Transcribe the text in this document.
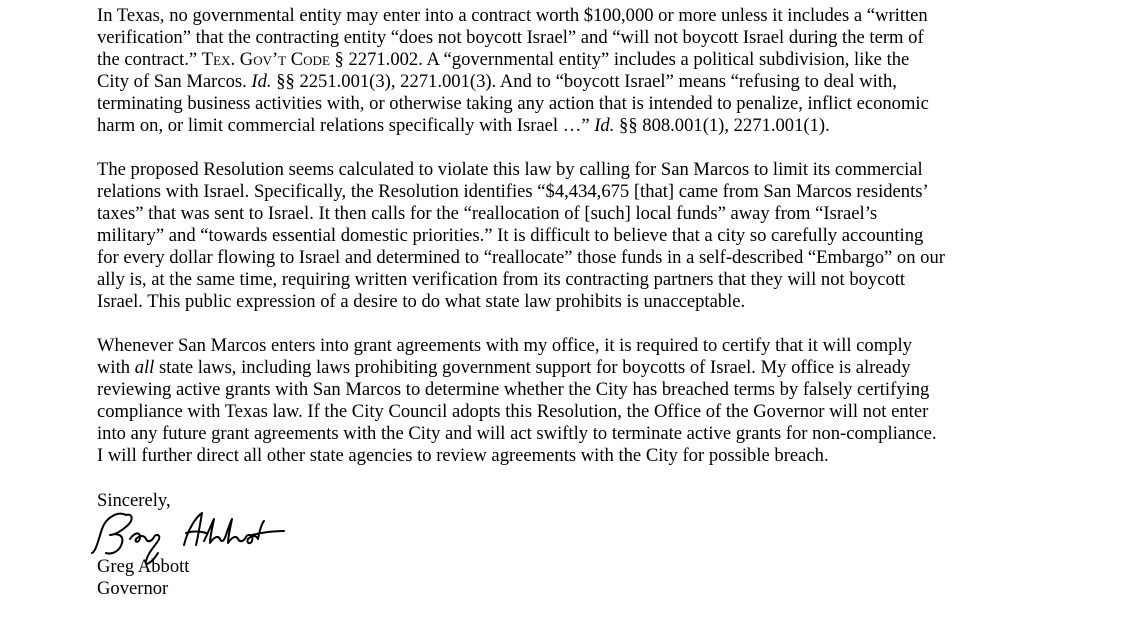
In Texas, no governmental entity may enter into a contract worth $100,000 or more unless it includes a “written
verification” that the contracting entity “does not boycott Israel” and “will not boycott Israel during the term of
the contract.” Tex. Gov’t Code § 2271.002. A “governmental entity” includes a political subdivision, like the
City of San Marcos. Id. §§ 2251.001(3), 2271.001(3). And to “boycott Israel” means “refusing to deal with,
terminating business activities with, or otherwise taking any action that is intended to penalize, inflict economic
harm on, or limit commercial relations specifically with Israel …” Id. §§ 808.001(1), 2271.001(1).
The proposed Resolution seems calculated to violate this law by calling for San Marcos to limit its commercial
relations with Israel. Specifically, the Resolution identifies “$4,434,675 [that] came from San Marcos residents’
taxes” that was sent to Israel. It then calls for the “reallocation of [such] local funds” away from “Israel’s
military” and “towards essential domestic priorities.” It is difficult to believe that a city so carefully accounting
for every dollar flowing to Israel and determined to “reallocate” those funds in a self-described “Embargo” on our
ally is, at the same time, requiring written verification from its contracting partners that they will not boycott
Israel. This public expression of a desire to do what state law prohibits is unacceptable.
Whenever San Marcos enters into grant agreements with my office, it is required to certify that it will comply
with all state laws, including laws prohibiting government support for boycotts of Israel. My office is already
reviewing active grants with San Marcos to determine whether the City has breached terms by falsely certifying
compliance with Texas law. If the City Council adopts this Resolution, the Office of the Governor will not enter
into any future grant agreements with the City and will act swiftly to terminate active grants for non-compliance.
I will further direct all other state agencies to review agreements with the City for possible breach.
Sincerely,
Greg Abbott
Governor
